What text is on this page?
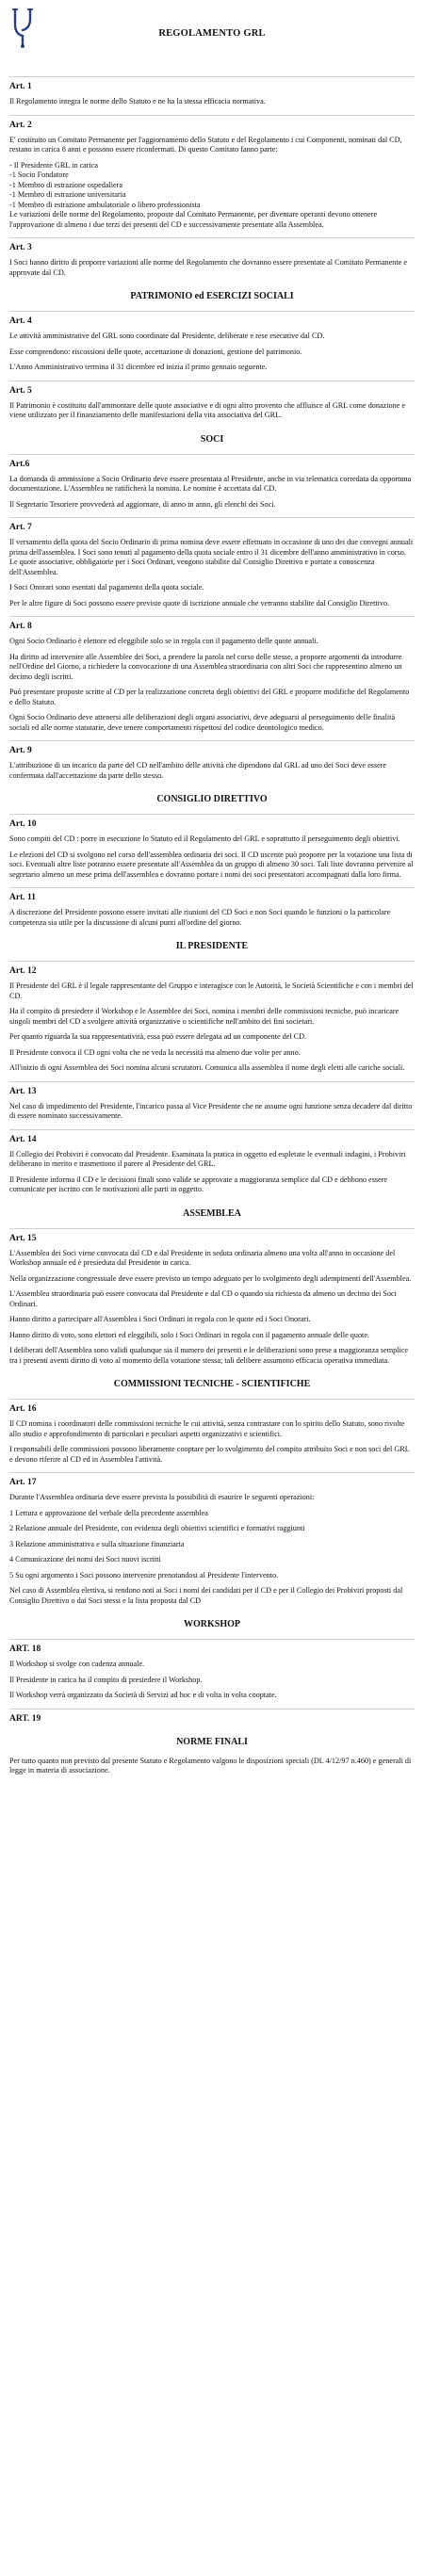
REGOLAMENTO GRL
Art. 1

Il Regolamento integra le norme dello Statuto e ne ha la stessa efficacia normativa.

Art. 2

E' costituito un Comitato Permanente per l'aggiornamento dello Statuto e del Regolamento i cui Componenti, nominati dal CD, restano in carica 8 anni e possono essere riconfermati. Di questo Comitato fanno parte:

- Il Presidente GRL in carica
-1 Socio Fondatore
-1 Membro di estrazione ospedaliera
-1 Membro di estrazione universitaria
-1 Membro di estrazione ambulatoriale o libero professionista
Le variazioni delle norme del Regolamento, proposte dal Comitato Permanente, per diventare operanti devono ottenere l'approvazione di almeno i due terzi dei presenti del CD e successivamente presentate alla Assemblea.
Art. 3

I Soci hanno diritto di proporre variazioni alle norme del Regolamento che dovranno essere presentate al Comitato Permanente e approvate dal CD.

PATRIMONIO ed ESERCIZI SOCIALI
Art. 4

Le attività amministrative del GRL sono coordinate dal Presidente, deliberate e rese esecutive dal CD.

Esse comprendono: riscossioni delle quote, accettazione di donazioni, gestione del patrimonio.

L'Anno Amministrativo termina il 31 dicembre ed inizia il primo gennaio seguente.

Art. 5

Il Patrimonio è costituito dall'ammontare delle quote associative e di ogni altro provento che affluisce al GRL come donazione e viene utilizzato per il finanziamento delle manifestazioni della vita associativa del GRL.

SOCI
Art.6

La domanda di ammissione a Socio Ordinario deve essere presentata al Presidente, anche in via telematica corredata da opportuna documentazione. L'Assemblea ne ratificherà la nomina. Le nomine è accettata dal CD.

Il Segretario Tesoriere provvederà ad aggiornare, di anno in anno, gli elenchi dei Soci.

Art. 7

Il versamento della quota del Socio Ordinario di prima nomina deve essere effettuato in occasione di uno dei due convegni annuali prima dell'assemblea. I Soci sono tenuti al pagamento della quota sociale entro il 31 dicembre dell'anno amministrativo in corso. Le quote associative, obbligatorie per i Soci Ordinari, vengono stabilite dal Consiglio Direttivo e portate a conoscenza dell'Assemblea.

I Soci Onorari sono esentati dal pagamento della quota sociale.

Per le altre figure di Soci possono essere previste quote di iscrizione annuale che verranno stabilite dal Consiglio Direttivo.

Art. 8

Ogni Socio Ordinario è elettore ed eleggibile solo se in regola con il pagamento delle quote annuali.

Ha diritto ad intervenire alle Assemblee dei Soci, a prendere la parola nel corso delle stesse, a proporre argomenti da introdurre nell'Ordine del Giorno, a richiedere la convocazione di una Assemblea straordinaria con altri Soci che rappresentino almeno un decimo degli iscritti.

Può presentare proposte scritte al CD per la realizzazione concreta degli obiettivi del GRL e proporre modifiche del Regolamento e dello Statuto.

Ogni Socio Ordinario deve attenersi alle deliberazioni degli organi associativi, deve adeguarsi al perseguimento delle finalità sociali ed alle norme statutarie, deve tenere comportamenti rispettosi del codice deontologico medico.

Art. 9

L'attribuzione di un incarico da parte del CD nell'ambito delle attività che dipendono dal GRL ad uno dei Soci deve essere confermata dall'accettazione da parte dello stesso.

CONSIGLIO DIRETTIVO
Art. 10

Sono compiti del CD : porre in esecuzione lo Statuto ed il Regolamento del GRL e soprattutto il perseguimento degli obiettivi.

Le elezioni del CD si svolgono nel corso dell'assemblea ordinaria dei soci. Il CD uscente può proporre per la votazione una lista di soci. Eventuali altre liste potranno essere presentate all'Assemblea da un gruppo di almeno 30 soci. Tali liste dovranno pervenire al segretario almeno un mese prima dell'assemblea e dovranno portare i nomi dei soci presentatori accompagnati dalla loro firma.

Art. 11

A discrezione del Presidente possono essere invitati alle riunioni del CD Soci e non Soci quando le funzioni o la particolare competenza sia utile per la discussione di alcuni punti all'ordine del giorno.

IL PRESIDENTE
Art. 12

Il Presidente del GRL è il legale rappresentante del Gruppo e interagisce con le Autorità, le Società Scientifiche e con i membri del CD.

Ha il compito di presiedere il Workshop e le Assemblee dei Soci, nomina i membri delle commissioni tecniche, può incaricare singoli membri del CD a svolgere attività organizzative o scientifiche nell'ambito dei fini societari.

Per quanto riguarda la sua rappresentatività, essa può essere delegata ad un componente del CD.

Il Presidente convoca il CD ogni volta che ne veda la necessità ma almeno due volte per anno.

All'inizio di ogni Assemblea dei Soci nomina alcuni scrutatori. Comunica alla assemblea il nome degli eletti alle cariche sociali.

Art. 13

Nel caso di impedimento del Presidente, l'incarico passa al Vice Presidente che ne assume ogni funzione senza decadere dal diritto di essere nominato successivamente.

Art. 14

Il Collegio dei Probiviri è convocato dal Presidente. Esaminata la pratica in oggetto ed espletate le eventuali indagini, i Probiviri deliberano in merito e trasmettono il parere al Presidente del GRL.

Il Presidente informa il CD e le decisioni finali sono valide se approvate a maggioranza semplice dal CD e debbono essere comunicate per iscritto con le motivazioni alle parti in oggetto.

ASSEMBLEA
Art. 15

L'Assemblea dei Soci viene convocata dal CD e dal Presidente in seduta ordinaria almeno una volta all'anno in occasione del Workshop annuale ed è presieduta dal Presidente in carica.

Nella organizzazione congressuale deve essere previsto un tempo adeguato per lo svolgimento degli adempimenti dell'Assemblea.

L'Assemblea straordinaria può essere convocata dal Presidente e dal CD o quando sia richiesta da almeno un decimo dei Soci Ordinari.

Hanno diritto a partecipare all'Assemblea i Soci Ordinari in regola con le quote ed i Soci Onorari.

Hanno diritto di voto, sono elettori ed eleggibili, solo i Soci Ordinari in regola con il pagamento annuale delle quote.

I deliberati dell'Assemblea sono validi qualunque sia il numero dei presenti e le deliberazioni sono prese a maggioranza semplice tra i presenti aventi diritto di voto al momento della votazione stessa; tali delibere assumono efficacia operativa immediata.

COMMISSIONI TECNICHE - SCIENTIFICHE
Art. 16

Il CD nomina i coordinatori delle commissioni tecniche le cui attività, senza contrastare con lo spirito dello Statuto, sono rivolte allo studio e approfondimento di particolari e peculiari aspetti organizzativi e scientifici.

I responsabili delle commissioni possono liberamente cooptare per lo svolgimento del compito attribuito Soci e non soci del GRL e devono riferire al CD ed in Assemblea l'attività.

Art. 17

Durante l'Assemblea ordinaria deve essere prevista la possibilità di esaurire le seguenti operazioni:

1 Lettura e approvazione del verbale della precedente assemblea

2 Relazione annuale del Presidente, con evidenza degli obiettivi scientifici e formativi raggiunti

3 Relazione amministrativa e sulla situazione finanziaria

4 Comunicazione dei nomi dei Soci nuovi iscritti

5 Su ogni argomento i Soci possono intervenire prenotandosi al Presidente l'intervento.

Nel caso di Assemblea elettiva, si rendono noti ai Soci i nomi dei candidati per il CD e per il Collegio dei Probiviri proposti dal Consiglio Direttivo o dai Soci stessi e la lista proposta dal CD

WORKSHOP
ART. 18

Il Workshop si svolge con cadenza annuale.

Il Presidente in carica ha il compito di presiedere il Workshop.

Il Workshop verrà organizzato da Società di Servizi ad hoc e di volta in volta cooptate.

ART. 19
NORME FINALI

Per tutto quanto non previsto dal presente Statuto e Regolamento valgono le disposizioni speciali (DL 4/12/97 n.460) e generali di legge in materia di associazione.
